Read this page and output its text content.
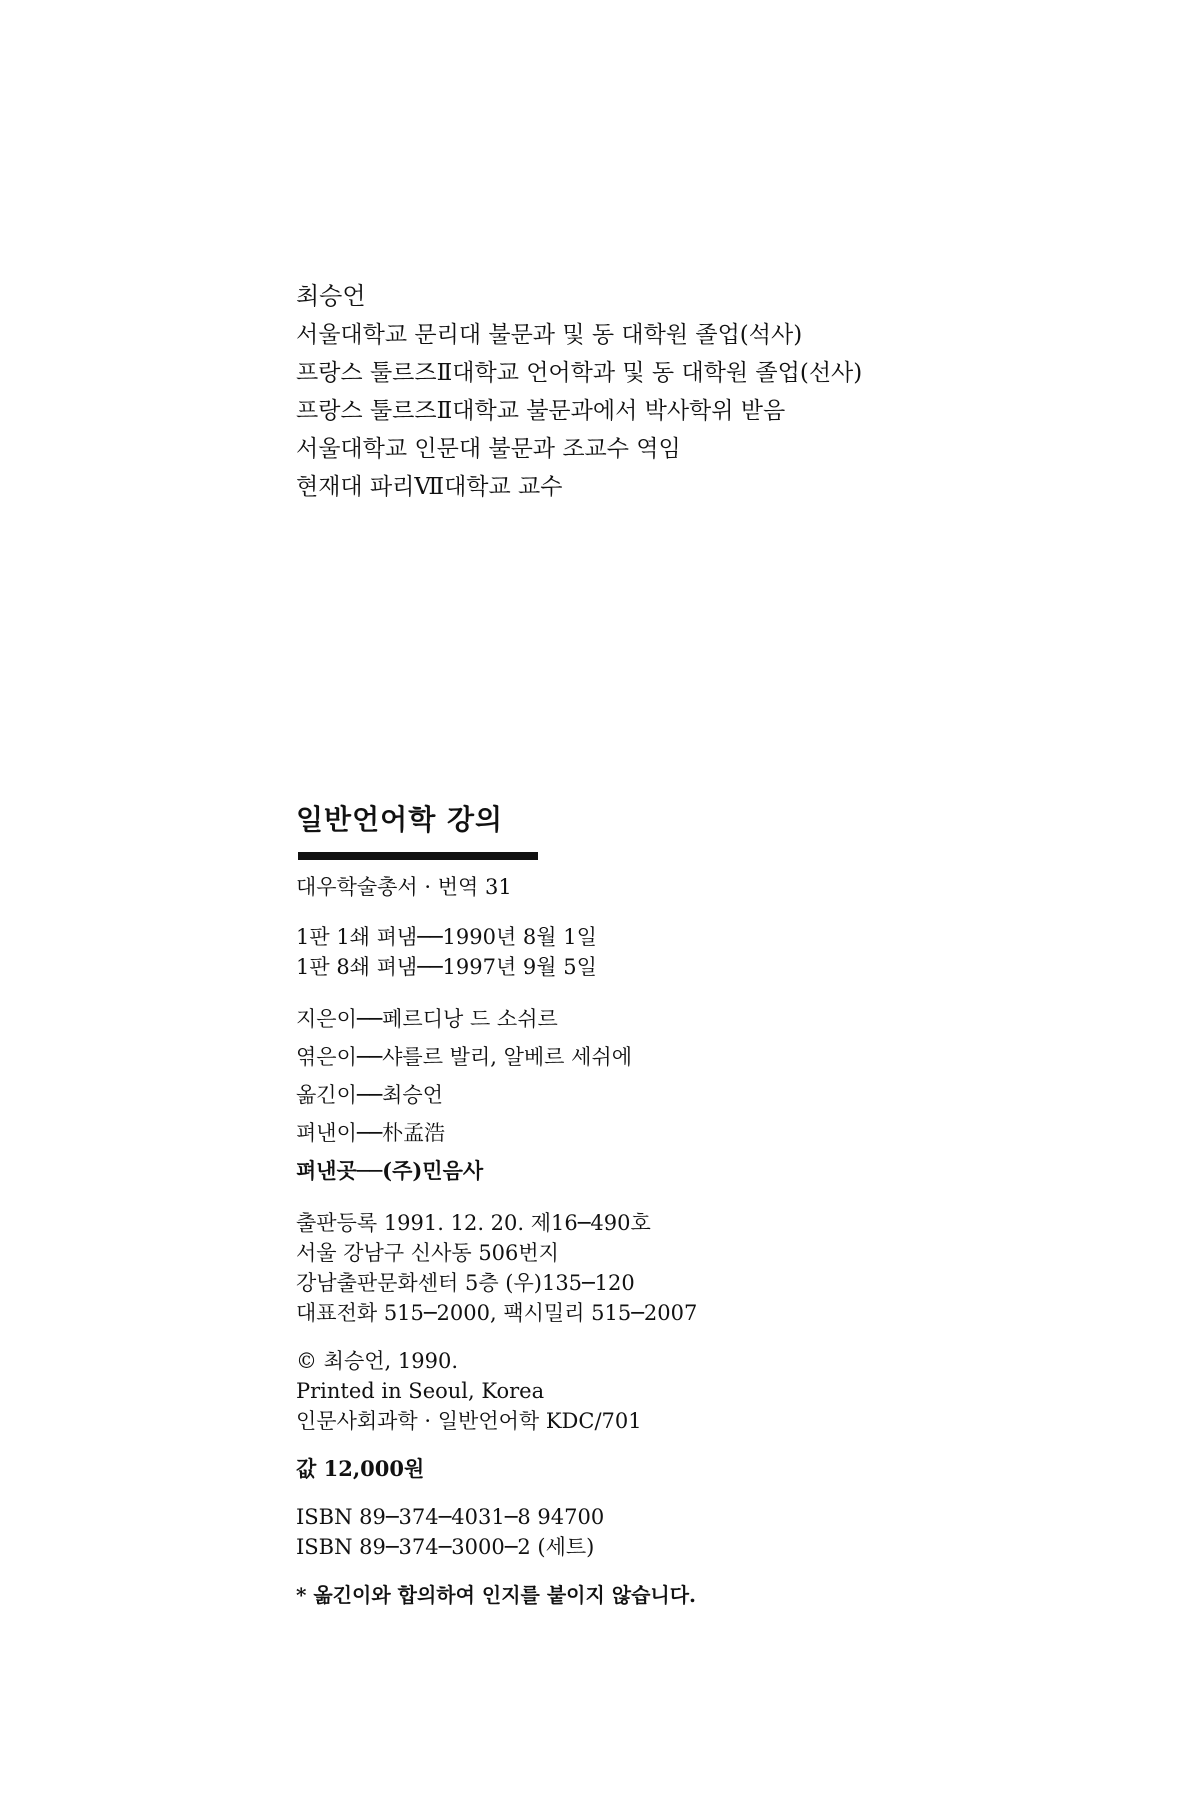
최승언
서울대학교 문리대 불문과 및 동 대학원 졸업(석사)
프랑스 툴르즈Ⅱ대학교 언어학과 및 동 대학원 졸업(선사)
프랑스 툴르즈Ⅱ대학교 불문과에서 박사학위 받음
서울대학교 인문대 불문과 조교수 역임
현재대 파리Ⅶ대학교 교수
일반언어학 강의
대우학술총서 · 번역 31
1판 1쇄 펴냄──1990년 8월 1일
1판 8쇄 펴냄──1997년 9월 5일
지은이──페르디낭 드 소쉬르
엮은이──샤를르 발리, 알베르 세쉬에
옮긴이──최승언
펴낸이──朴孟浩
펴낸곳──(주)민음사
출판등록 1991. 12. 20. 제16─490호
서울 강남구 신사동 506번지
강남출판문화센터 5층 (우)135─120
대표전화 515─2000, 팩시밀리 515─2007
© 최승언, 1990.
Printed in Seoul, Korea
인문사회과학 · 일반언어학 KDC/701
값 12,000원
ISBN 89─374─4031─8 94700
ISBN 89─374─3000─2 (세트)
* 옮긴이와 합의하여 인지를 붙이지 않습니다.
